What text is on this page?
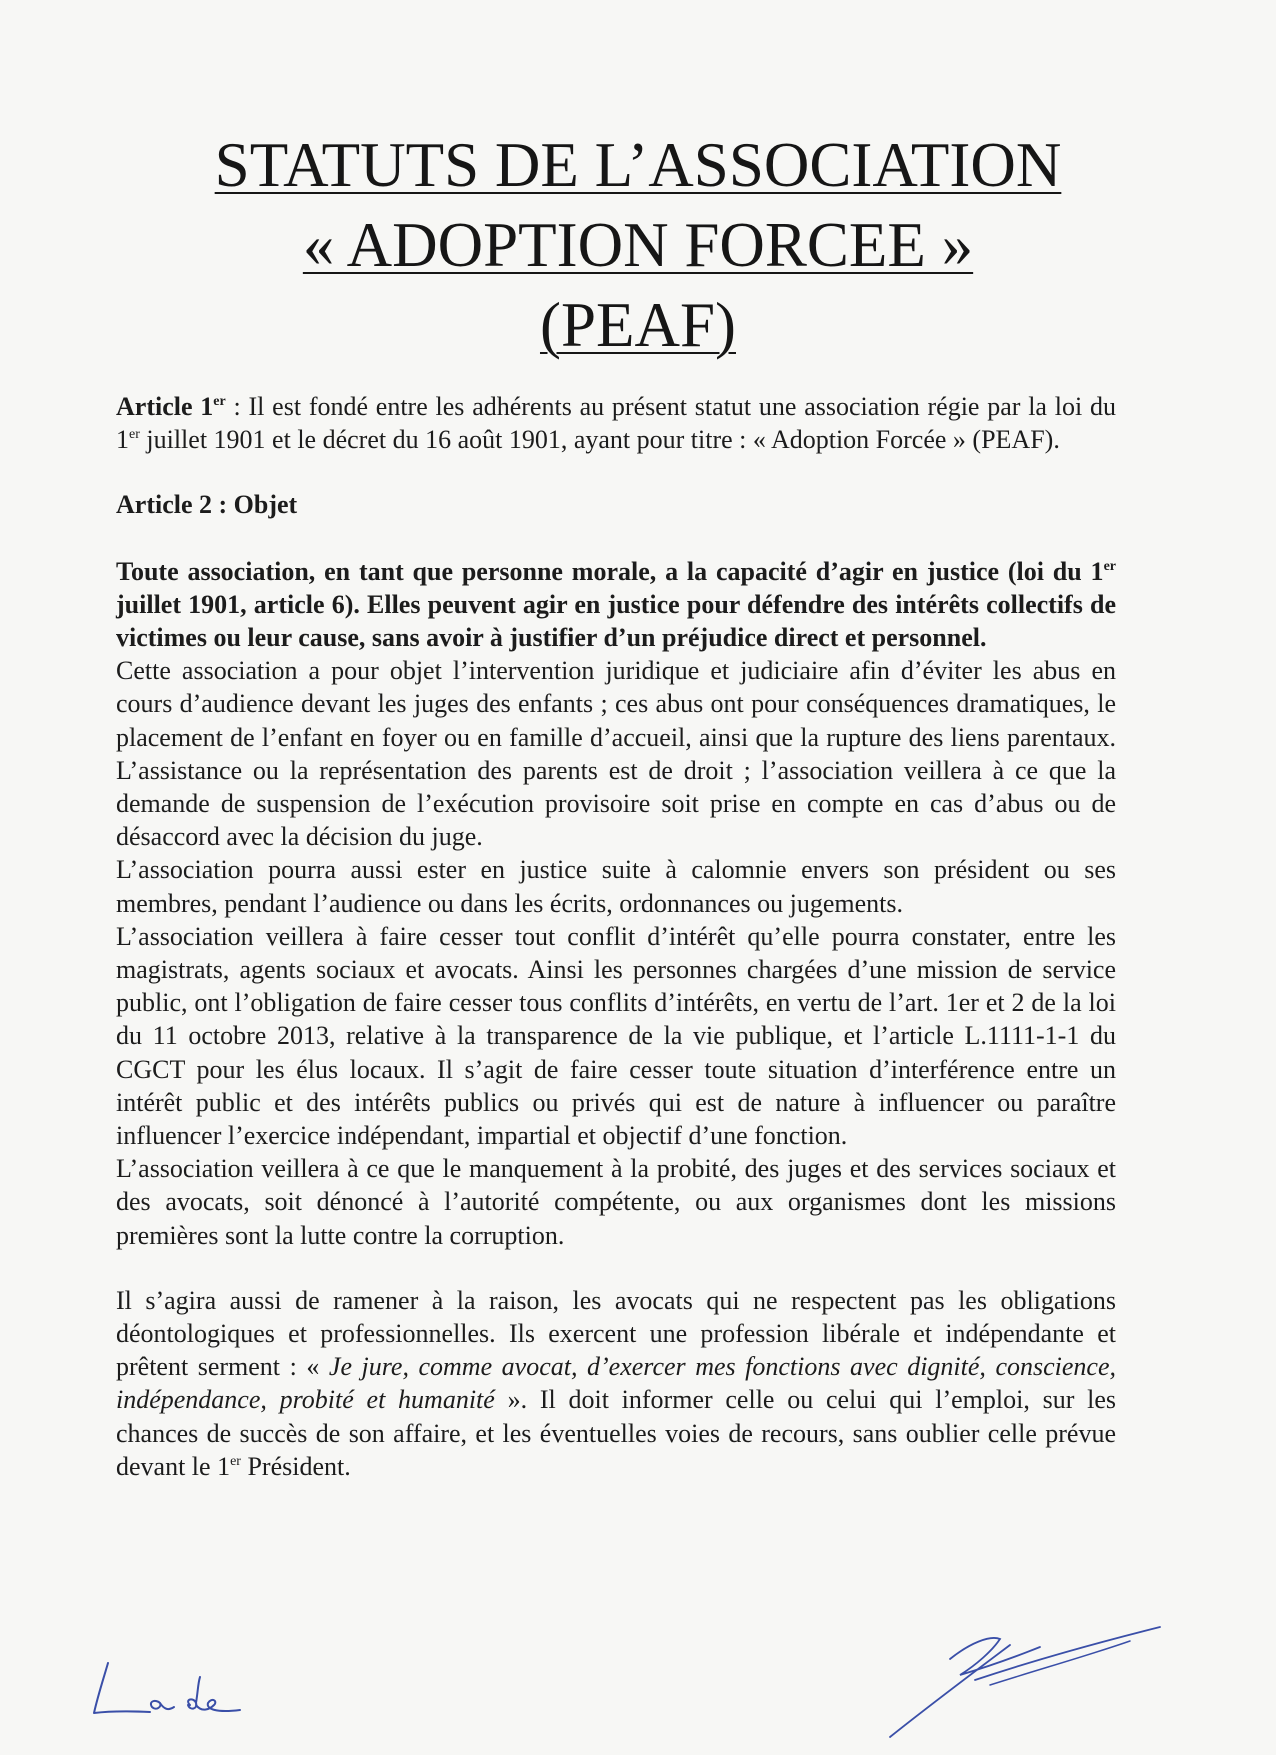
STATUTS DE L’ASSOCIATION
« ADOPTION FORCEE »
(PEAF)

Article 1er : Il est fondé entre les adhérents au présent statut une association régie par la loi du 1er juillet 1901 et le décret du 16 août 1901, ayant pour titre : « Adoption Forcée » (PEAF).

Article 2 : Objet

Toute association, en tant que personne morale, a la capacité d’agir en justice (loi du 1er juillet 1901, article 6). Elles peuvent agir en justice pour défendre des intérêts collectifs de victimes ou leur cause, sans avoir à justifier d’un préjudice direct et personnel.

Cette association a pour objet l’intervention juridique et judiciaire afin d’éviter les abus en cours d’audience devant les juges des enfants ; ces abus ont pour conséquences dramatiques, le placement de l’enfant en foyer ou en famille d’accueil, ainsi que la rupture des liens parentaux. L’assistance ou la représentation des parents est de droit ; l’association veillera à ce que la demande de suspension de l’exécution provisoire soit prise en compte en cas d’abus ou de désaccord avec la décision du juge.

L’association pourra aussi ester en justice suite à calomnie envers son président ou ses membres, pendant l’audience ou dans les écrits, ordonnances ou jugements.

L’association veillera à faire cesser tout conflit d’intérêt qu’elle pourra constater, entre les magistrats, agents sociaux et avocats. Ainsi les personnes chargées d’une mission de service public, ont l’obligation de faire cesser tous conflits d’intérêts, en vertu de l’art. 1er et 2 de la loi du 11 octobre 2013, relative à la transparence de la vie publique, et l’article L.1111-1-1 du CGCT pour les élus locaux. Il s’agit de faire cesser toute situation d’interférence entre un intérêt public et des intérêts publics ou privés qui est de nature à influencer ou paraître influencer l’exercice indépendant, impartial et objectif d’une fonction.

L’association veillera à ce que le manquement à la probité, des juges et des services sociaux et des avocats, soit dénoncé à l’autorité compétente, ou aux organismes dont les missions premières sont la lutte contre la corruption.

Il s’agira aussi de ramener à la raison, les avocats qui ne respectent pas les obligations déontologiques et professionnelles. Ils exercent une profession libérale et indépendante et prêtent serment : « Je jure, comme avocat, d’exercer mes fonctions avec dignité, conscience, indépendance, probité et humanité ». Il doit informer celle ou celui qui l’emploi, sur les chances de succès de son affaire, et les éventuelles voies de recours, sans oublier celle prévue devant le 1er Président.
